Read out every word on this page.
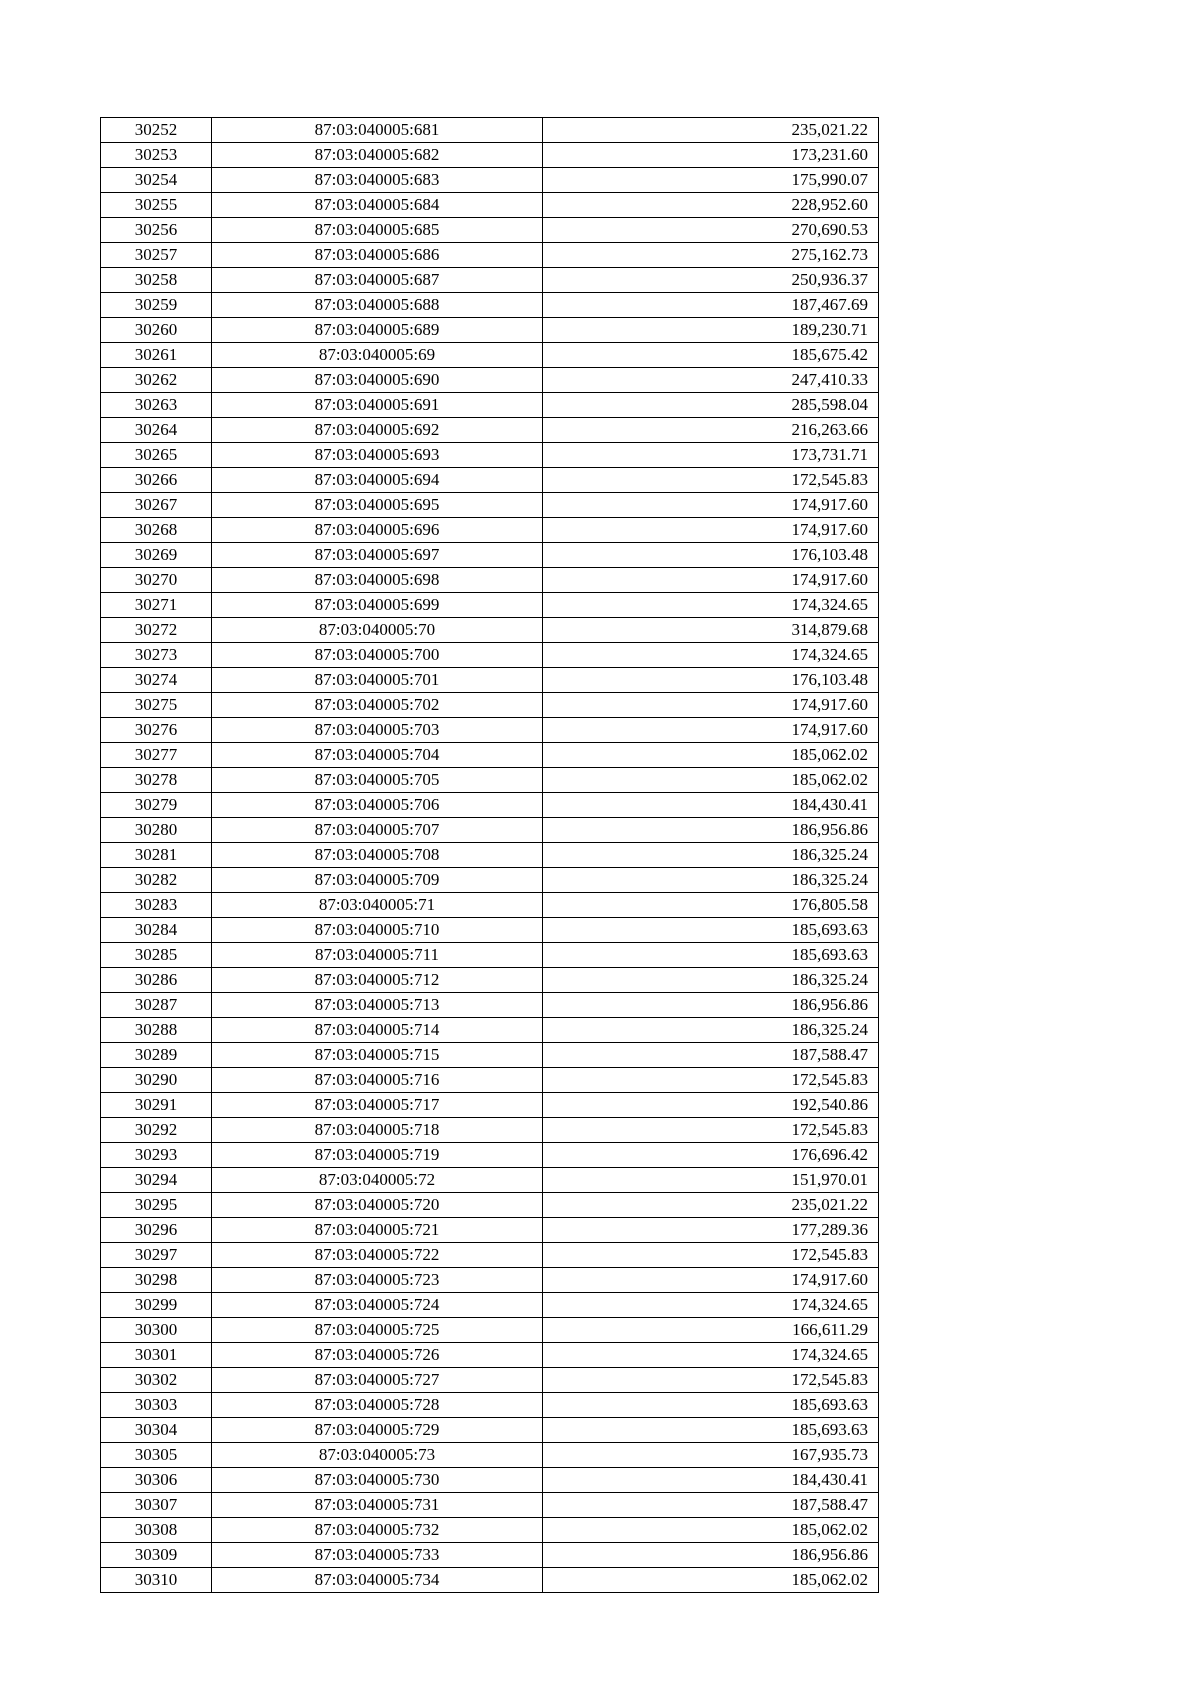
30252	87:03:040005:681	235,021.22
30253	87:03:040005:682	173,231.60
30254	87:03:040005:683	175,990.07
30255	87:03:040005:684	228,952.60
30256	87:03:040005:685	270,690.53
30257	87:03:040005:686	275,162.73
30258	87:03:040005:687	250,936.37
30259	87:03:040005:688	187,467.69
30260	87:03:040005:689	189,230.71
30261	87:03:040005:69	185,675.42
30262	87:03:040005:690	247,410.33
30263	87:03:040005:691	285,598.04
30264	87:03:040005:692	216,263.66
30265	87:03:040005:693	173,731.71
30266	87:03:040005:694	172,545.83
30267	87:03:040005:695	174,917.60
30268	87:03:040005:696	174,917.60
30269	87:03:040005:697	176,103.48
30270	87:03:040005:698	174,917.60
30271	87:03:040005:699	174,324.65
30272	87:03:040005:70	314,879.68
30273	87:03:040005:700	174,324.65
30274	87:03:040005:701	176,103.48
30275	87:03:040005:702	174,917.60
30276	87:03:040005:703	174,917.60
30277	87:03:040005:704	185,062.02
30278	87:03:040005:705	185,062.02
30279	87:03:040005:706	184,430.41
30280	87:03:040005:707	186,956.86
30281	87:03:040005:708	186,325.24
30282	87:03:040005:709	186,325.24
30283	87:03:040005:71	176,805.58
30284	87:03:040005:710	185,693.63
30285	87:03:040005:711	185,693.63
30286	87:03:040005:712	186,325.24
30287	87:03:040005:713	186,956.86
30288	87:03:040005:714	186,325.24
30289	87:03:040005:715	187,588.47
30290	87:03:040005:716	172,545.83
30291	87:03:040005:717	192,540.86
30292	87:03:040005:718	172,545.83
30293	87:03:040005:719	176,696.42
30294	87:03:040005:72	151,970.01
30295	87:03:040005:720	235,021.22
30296	87:03:040005:721	177,289.36
30297	87:03:040005:722	172,545.83
30298	87:03:040005:723	174,917.60
30299	87:03:040005:724	174,324.65
30300	87:03:040005:725	166,611.29
30301	87:03:040005:726	174,324.65
30302	87:03:040005:727	172,545.83
30303	87:03:040005:728	185,693.63
30304	87:03:040005:729	185,693.63
30305	87:03:040005:73	167,935.73
30306	87:03:040005:730	184,430.41
30307	87:03:040005:731	187,588.47
30308	87:03:040005:732	185,062.02
30309	87:03:040005:733	186,956.86
30310	87:03:040005:734	185,062.02
